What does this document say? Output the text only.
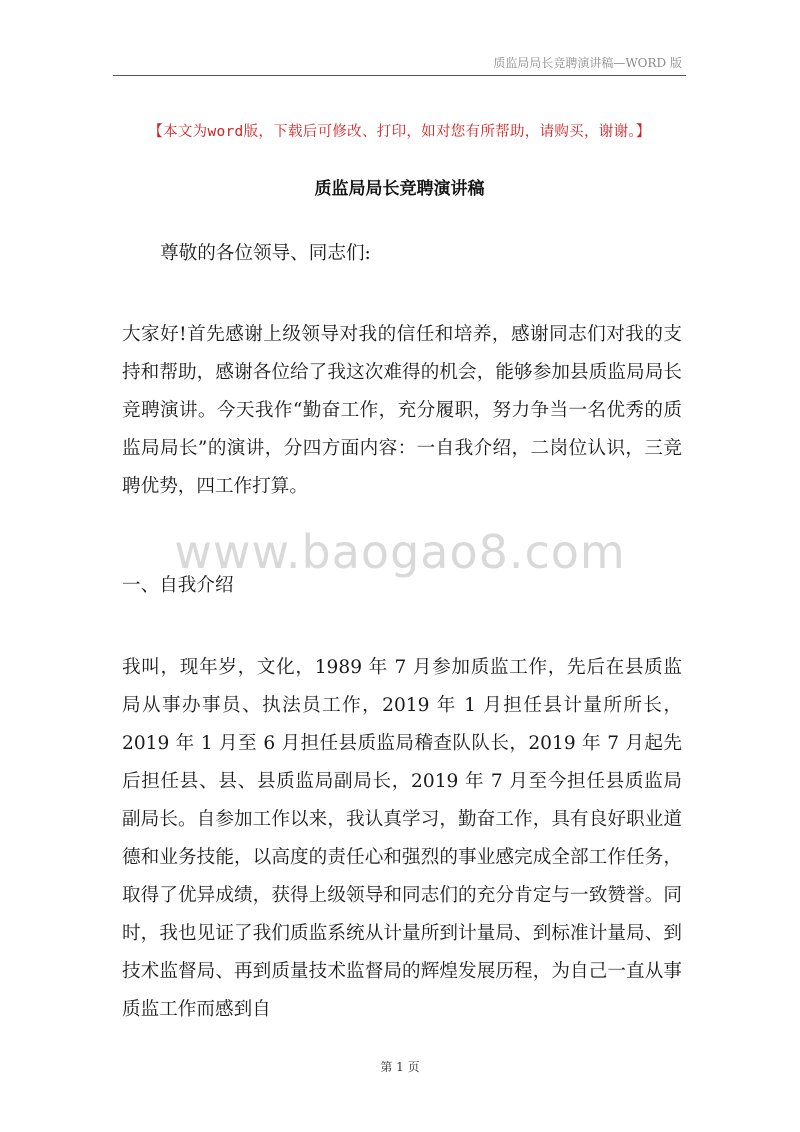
质监局局长竞聘演讲稿—WORD 版
【本文为word版，下载后可修改、打印，如对您有所帮助，请购买，谢谢。】
质监局局长竞聘演讲稿
www.baogao8.com
尊敬的各位领导、同志们:
大家好!首先感谢上级领导对我的信任和培养，感谢同志们对我的支持和帮助，感谢各位给了我这次难得的机会，能够参加县质监局局长竞聘演讲。今天我作“勤奋工作，充分履职，努力争当一名优秀的质监局局长”的演讲，分四方面内容：一自我介绍，二岗位认识，三竞聘优势，四工作打算。
一、自我介绍
我叫，现年岁，文化，1989 年 7 月参加质监工作，先后在县质监局从事办事员、执法员工作，2019 年 1 月担任县计量所所长，2019 年 1 月至 6 月担任县质监局稽查队队长，2019 年 7 月起先后担任县、县、县质监局副局长，2019 年 7 月至今担任县质监局副局长。自参加工作以来，我认真学习，勤奋工作，具有良好职业道德和业务技能，以高度的责任心和强烈的事业感完成全部工作任务，取得了优异成绩，获得上级领导和同志们的充分肯定与一致赞誉。同时，我也见证了我们质监系统从计量所到计量局、到标准计量局、到技术监督局、再到质量技术监督局的辉煌发展历程，为自己一直从事质监工作而感到自
第 1 页
